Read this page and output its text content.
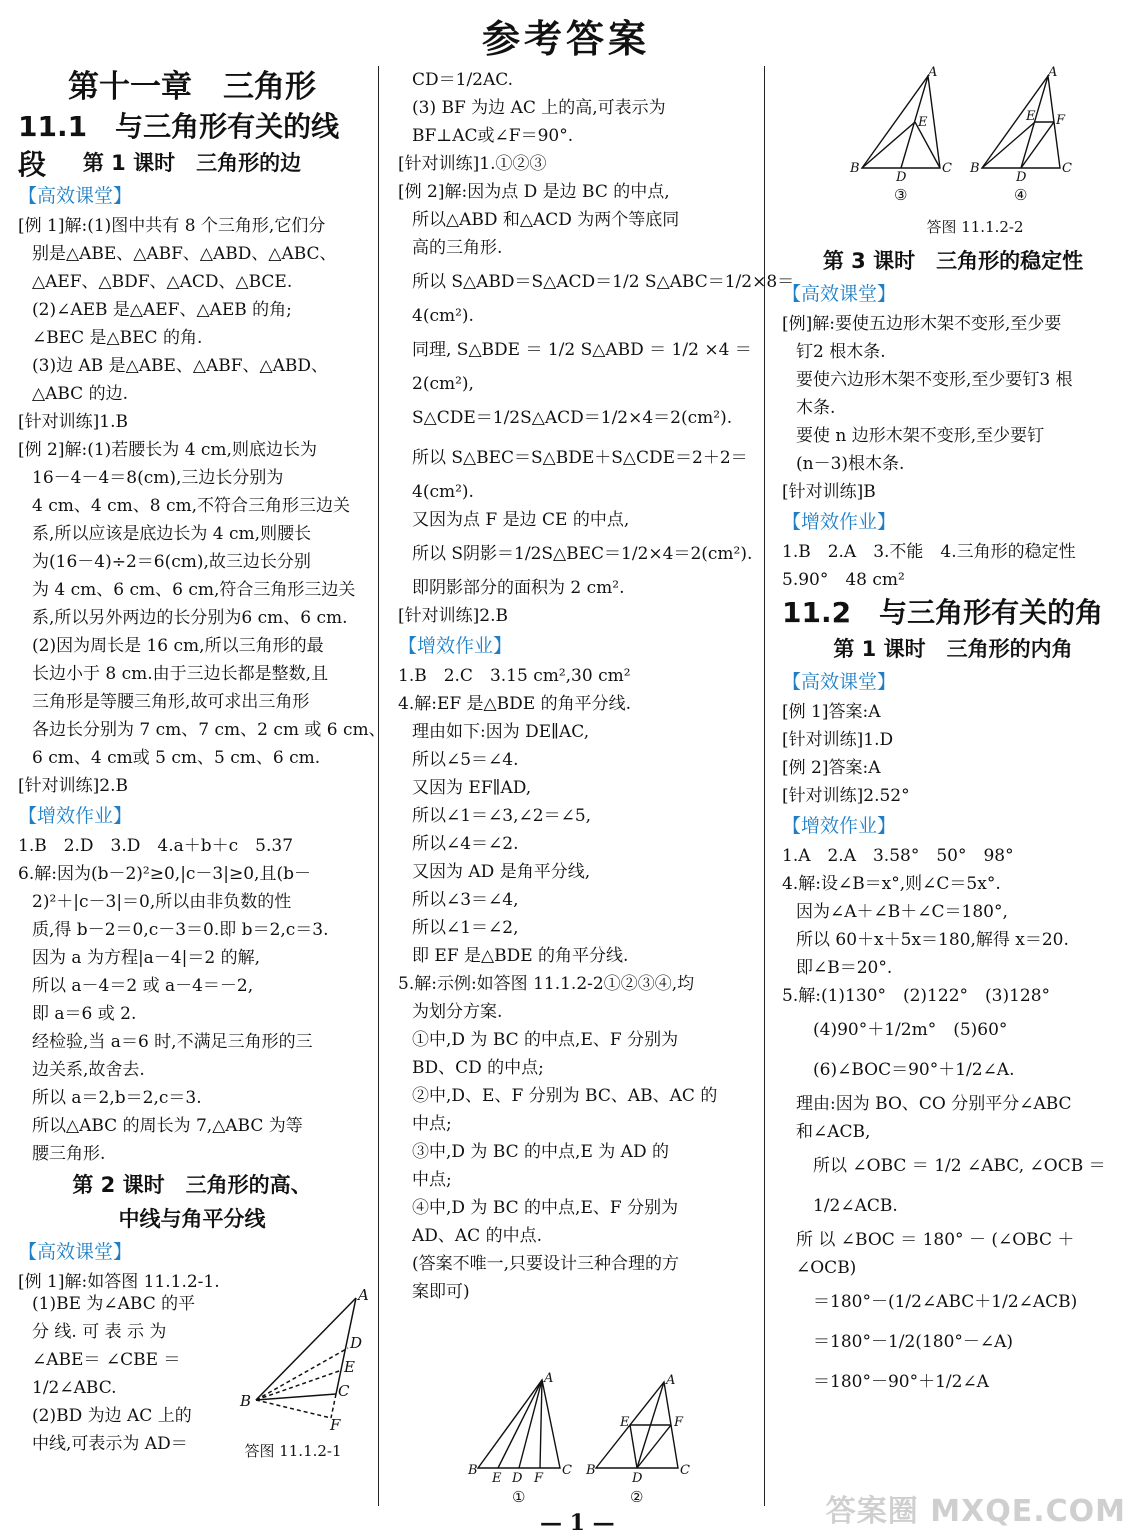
参考答案
第十一章　三角形
11.1　与三角形有关的线段	第 1 课时　三角形的边
【高效课堂】
[例 1]解:(1)图中共有 8 个三角形,它们分
别是△ABE、△ABF、△ABD、△ABC、
△AEF、△BDF、△ACD、△BCE.
(2)∠AEB 是△AEF、△AEB 的角;
∠BEC 是△BEC 的角.
(3)边 AB 是△ABE、△ABF、△ABD、
△ABC 的边.
[针对训练]1.B
[例 2]解:(1)若腰长为 4 cm,则底边长为
16－4－4＝8(cm),三边长分别为
4 cm、4 cm、8 cm,不符合三角形三边关
系,所以应该是底边长为 4 cm,则腰长
为(16－4)÷2＝6(cm),故三边长分别
为 4 cm、6 cm、6 cm,符合三角形三边关
系,所以另外两边的长分别为6 cm、6 cm.
(2)因为周长是 16 cm,所以三角形的最
长边小于 8 cm.由于三边长都是整数,且
三角形是等腰三角形,故可求出三角形
各边长分别为 7 cm、7 cm、2 cm 或 6 cm、
6 cm、4 cm或 5 cm、5 cm、6 cm.
[针对训练]2.B
【增效作业】
1.B　2.D　3.D　4.a＋b＋c　5.37
6.解:因为(b－2)²≥0,|c－3|≥0,且(b－
2)²＋|c－3|＝0,所以由非负数的性
质,得 b－2＝0,c－3＝0.即 b＝2,c＝3.
因为 a 为方程|a－4|＝2 的解,
所以 a－4＝2 或 a－4＝－2,
即 a＝6 或 2.
经检验,当 a＝6 时,不满足三角形的三
边关系,故舍去.
所以 a＝2,b＝2,c＝3.
所以△ABC 的周长为 7,△ABC 为等
腰三角形.
第 2 课时　三角形的高、
中线与角平分线
【高效课堂】
[例 1]解:如答图 11.1.2-1.
CD＝1/2AC.
(3) BF 为边 AC 上的高,可表示为
BF⊥AC或∠F＝90°.
[针对训练]1.①②③
[例 2]解:因为点 D 是边 BC 的中点,
所以△ABD 和△ACD 为两个等底同
高的三角形.
所以 S△ABD＝S△ACD＝1/2 S△ABC＝1/2×8＝
4(cm²).
同理, S△BDE ＝ 1/2 S△ABD ＝ 1/2 ×4 ＝
2(cm²),
S△CDE＝1/2S△ACD＝1/2×4＝2(cm²).
所以 S△BEC＝S△BDE＋S△CDE＝2＋2＝
4(cm²).
又因为点 F 是边 CE 的中点,
所以 S阴影＝1/2S△BEC＝1/2×4＝2(cm²).
即阴影部分的面积为 2 cm².
[针对训练]2.B
【增效作业】
1.B　2.C　3.15 cm²,30 cm²
4.解:EF 是△BDE 的角平分线.
理由如下:因为 DE∥AC,
所以∠5＝∠4.
又因为 EF∥AD,
所以∠1＝∠3,∠2＝∠5,
所以∠4＝∠2.
又因为 AD 是角平分线,
所以∠3＝∠4,
所以∠1＝∠2,
即 EF 是△BDE 的角平分线.
5.解:示例:如答图 11.1.2-2①②③④,均
为划分方案.
①中,D 为 BC 的中点,E、F 分别为
BD、CD 的中点;
②中,D、E、F 分别为 BC、AB、AC 的
中点;
③中,D 为 BC 的中点,E 为 AD 的
中点;
④中,D 为 BC 的中点,E、F 分别为
AD、AC 的中点.
(答案不唯一,只要设计三种合理的方
案即可)
第 3 课时　三角形的稳定性
【高效课堂】
[例]解:要使五边形木架不变形,至少要
钉2 根木条.
要使六边形木架不变形,至少要钉3 根
木条.
要使 n 边形木架不变形,至少要钉
(n－3)根木条.
[针对训练]B
【增效作业】
1.B　2.A　3.不能　4.三角形的稳定性
5.90°　48 cm²
11.2　与三角形有关的角
第 1 课时　三角形的内角
【高效课堂】
[例 1]答案:A
[针对训练]1.D
[例 2]答案:A
[针对训练]2.52°
【增效作业】
1.A　2.A　3.58°　50°　98°
4.解:设∠B＝x°,则∠C＝5x°.
因为∠A＋∠B＋∠C＝180°,
所以 60＋x＋5x＝180,解得 x＝20.
即∠B＝20°.
5.解:(1)130°　(2)122°　(3)128°
　(4)90°＋1/2m°　(5)60°
　(6)∠BOC＝90°＋1/2∠A.
理由:因为 BO、CO 分别平分∠ABC
和∠ACB,
　所以 ∠OBC ＝ 1/2 ∠ABC, ∠OCB ＝
　1/2∠ACB.
所 以 ∠BOC ＝ 180° － (∠OBC ＋
∠OCB)
　＝180°－(1/2∠ABC＋1/2∠ACB)
　＝180°－1/2(180°－∠A)
　＝180°－90°＋1/2∠A
(1)BE 为∠ABC 的平
分 线. 可 表 示 为
∠ABE＝ ∠CBE ＝
1/2∠ABC.
(2)BD 为边 AC 上的
中线,可表示为 AD＝
A
D
E
C
B
F
答图 11.1.2-1
A
B
E D F
C
A
B
E	F
D
C
①	②
A
B
E
D
C
A
B
E F
D
C
③	④
答图 11.1.2-2
答案圈 MXQE.COM
— 1 —
